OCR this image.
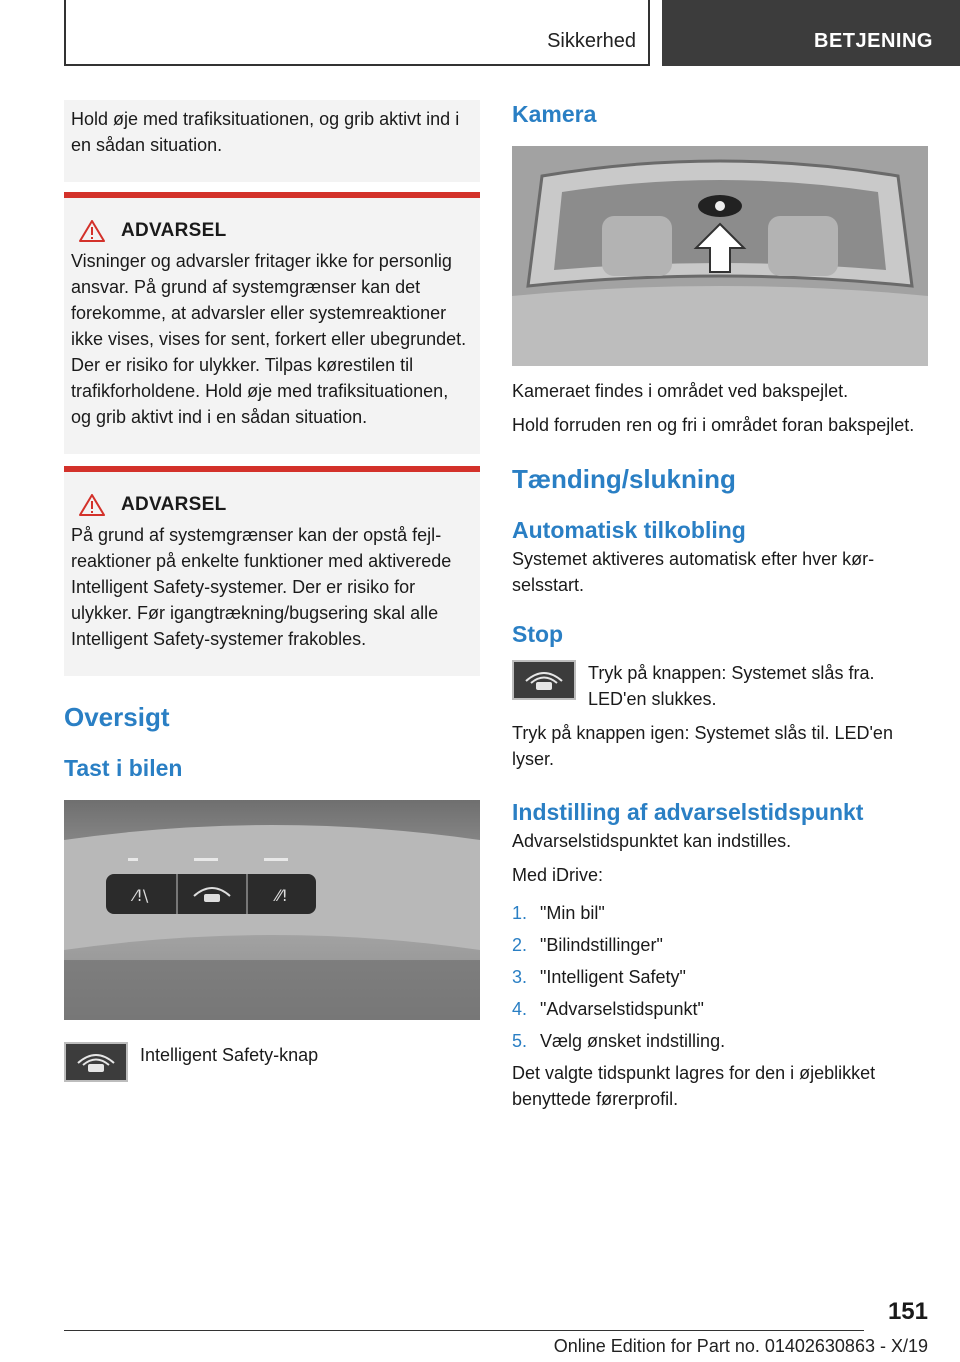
Sikkerhed	BETJENING
Hold øje med trafiksituationen, og grib aktivt ind i en sådan situation.
ADVARSEL
Visninger og advarsler fritager ikke for personlig ansvar. På grund af systemgrænser kan det forekomme, at advarsler eller systemreaktioner ikke vises, vises for sent, forkert eller ubegrundet. Der er risiko for ulykker. Tilpas kørestilen til trafikforholdene. Hold øje med trafiksituationen, og grib aktivt ind i en sådan situation.
ADVARSEL
På grund af systemgrænser kan der opstå fejlreaktioner på enkelte funktioner med aktiverede Intelligent Safety-systemer. Der er risiko for ulykker. Før igangtrækning/bugsering skal alle Intelligent Safety-systemer frakobles.
Oversigt
Tast i bilen
⁄!\	⁄⁄!
Intelligent Safety-knap
Kamera

Kameraet findes i området ved bakspejlet.

Hold forruden ren og fri i området foran bakspejlet.

Tænding/slukning
Automatisk tilkobling

Systemet aktiveres automatisk efter hver kørselsstart.

Stop
Tryk på knappen: Systemet slås fra. LED'en slukkes.

Tryk på knappen igen: Systemet slås til. LED'en lyser.

Indstilling af advarselstidspunkt

Advarselstidspunktet kan indstilles.

Med iDrive:

1. "Min bil"
2. "Bilindstillinger"
3. "Intelligent Safety"
4. "Advarselstidspunkt"
5. Vælg ønsket indstilling.

Det valgte tidspunkt lagres for den i øjeblikket benyttede førerprofil.

151
Online Edition for Part no. 01402630863 - X/19
